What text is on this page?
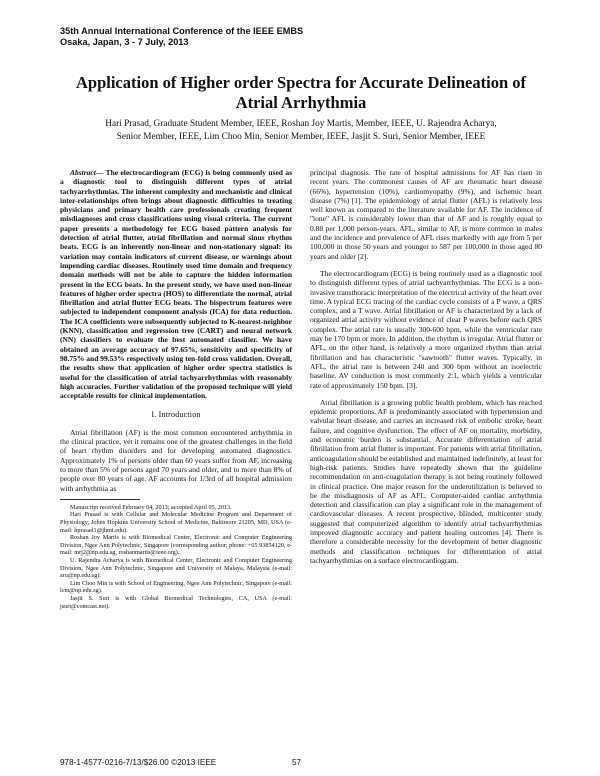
35th Annual International Conference of the IEEE EMBS
Osaka, Japan, 3 - 7 July, 2013
Application of Higher order Spectra for Accurate Delineation of Atrial Arrhythmia
Hari Prasad, Graduate Student Member, IEEE, Roshan Joy Martis, Member, IEEE, U. Rajendra Acharya,
Senior Member, IEEE, Lim Choo Min, Senior Member, IEEE, Jasjit S. Suri, Senior Member, IEEE

Abstract— The electrocardiogram (ECG) is being commonly used as a diagnostic tool to distinguish different types of atrial tachyarrhythmias. The inherent complexity and mechanistic and clinical inter-relationships often brings about diagnostic difficulties to treating physicians and primary health care professionals creating frequent misdiagnoses and cross classifications using visual criteria. The current paper presents a methodology for ECG based pattern analysis for detection of atrial flutter, atrial fibrillation and normal sinus rhythm beats. ECG is an inherently non-linear and non-stationary signal: its variation may contain indicators of current disease, or warnings about impending cardiac diseases. Routinely used time domain and frequency domain methods will not be able to capture the hidden information present in the ECG beats. In the present study, we have used non-linear features of higher order spectra (HOS) to differentiate the normal, atrial fibrillation and atrial flutter ECG beats. The bispectrum features were subjected to independent component analysis (ICA) for data reduction. The ICA coefficients were subsequently subjected to K-nearest-neighbor (KNN), classification and regression tree (CART) and neural network (NN) classifiers to evaluate the best automated classifier. We have obtained an average accuracy of 97.65%, sensitivity and specificity of 98.75% and 99.53% respectively using ten-fold cross validation. Overall, the results show that application of higher order spectra statistics is useful for the classification of atrial tachyarrhythmias with reasonably high accuracies. Further validation of the proposed technique will yield acceptable results for clinical implementation.

I. Introduction

Atrial fibrillation (AF) is the most common encountered arrhythmia in the clinical practice, yet it remains one of the greatest challenges in the field of heart rhythm disorders and for developing automated diagnostics. Approximately 1% of persons older than 60 years suffer from AF, increasing to more than 5% of persons aged 70 years and older, and to more than 8% of people over 80 years of age. AF accounts for 1/3rd of all hospital admission with arrhythmia as

Manuscript received February 04, 2013; accepted April 05, 2013.

Hari Prasad is with Cellular and Molecular Medicine Program and Department of Physiology, Johns Hopkins University School of Medicine, Baltimore 21205, MD, USA (e-mail: hprasad1@jhmi.edu).

Roshan Joy Martis is with Biomedical Center, Electronic and Computer Engineering Division, Ngee Ann Polytechnic, Singapore (corresponding author; phone: +65 93854120, e-mail: mrj2@np.edu.sg, roshanmartis@ieee.org).

U. Rajendra Acharya is with Biomedical Center, Electronic and Computer Engineering Division, Ngee Ann Polytechnic, Singapore and University of Malaya, Malaysia (e-mail: aru@np.edu.sg).

Lim Choo Min is with School of Engineering, Ngee Ann Polytechnic, Singapore (e-mail: lcm@np.edu.sg).

Jasjit S. Suri is with Global Biomedical Technologies, CA, USA (e-mail: jsuri@comcast.net).

principal diagnosis. The rate of hospital admissions for AF has risen in recent years. The commonest causes of AF are rheumatic heart disease (66%), hypertension (10%), cardiomyopathy (9%), and ischemic heart disease (7%) [1]. The epidemiology of atrial flutter (AFL) is relatively less well known as compared to the literature available for AF. The incidence of "lone" AFL is considerably lower than that of AF and is roughly equal to 0.88 per 1,000 person-years. AFL, similar to AF, is more common in males and the incidence and prevalence of AFL rises markedly with age from 5 per 100,000 in those 50 years and younger to 587 per 100,000 in those aged 80 years and older [2].

The electrocardiogram (ECG) is being routinely used as a diagnostic tool to distinguish different types of atrial tachyarrhythmias. The ECG is a non-invasive transthoracic interpretation of the electrical activity of the heart over time. A typical ECG tracing of the cardiac cycle consists of a P wave, a QRS complex, and a T wave. Atrial fibrillation or AF is characterized by a lack of organized atrial activity without evidence of clear P waves before each QRS complex. The atrial rate is usually 300-600 bpm, while the ventricular rate may be 170 bpm or more. In addition, the rhythm is irregular. Atrial flutter or AFL, on the other hand, is relatively a more organized rhythm than atrial fibrillation and has characteristic "sawtooth" flutter waves. Typically, in AFL, the atrial rate is between 240 and 300 bpm without an isoelectric baseline. AV conduction is most commonly 2:1, which yields a ventricular rate of approximately 150 bpm. [3].

Atrial fibrillation is a growing public health problem, which has reached epidemic proportions. AF is predominantly associated with hypertension and valvular heart disease, and carries an increased risk of embolic stroke, heart failure, and cognitive dysfunction. The effect of AF on mortality, morbidity, and economic burden is substantial. Accurate differentiation of atrial fibrillation from atrial flutter is important. For patients with atrial fibrillation, anticoagulation should be established and maintained indefinitely, at least for high-risk patients. Studies have repeatedly shown that the guideline recommendation on anti-coagulation therapy is not being routinely followed in clinical practice. One major reason for the underutilization is believed to be the misdiagnosis of AF as AFL. Computer-aided cardiac arrhythmia detection and classification can play a significant role in the management of cardiovascular diseases. A recent prospective, blinded, multicenter study suggested that computerized algorithm to identify atrial tachyarrhythmias improved diagnostic accuracy and patient healing outcomes [4]. There is therefore a considerable necessity for the development of better diagnostic methods and classification techniques for differentiation of atrial tachyarrhythmias on a surface electrocardiogram.

978-1-4577-0216-7/13/$26.00 ©2013 IEEE	57
